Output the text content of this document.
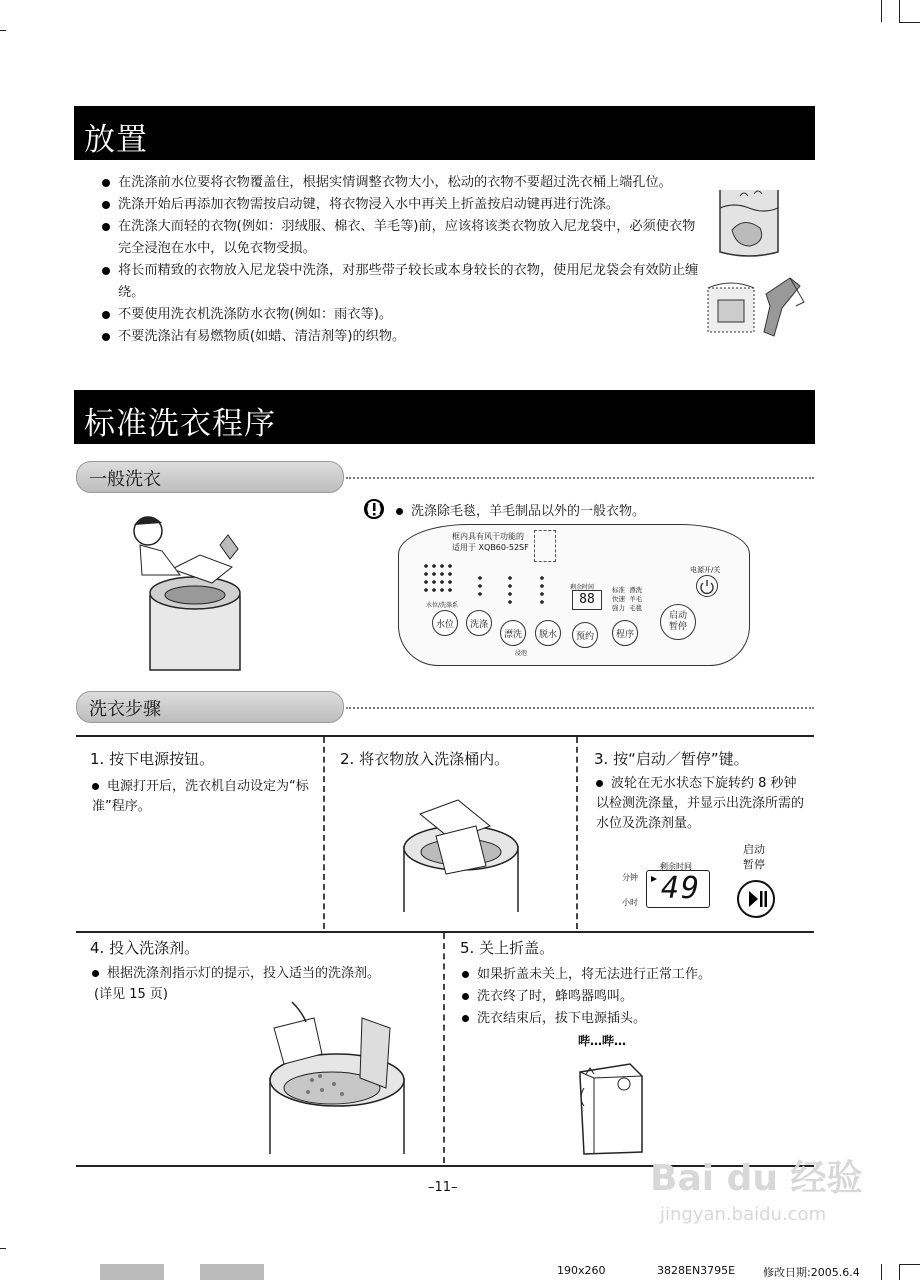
放置
在洗涤前水位要将衣物覆盖住，根据实情调整衣物大小，松动的衣物不要超过洗衣桶上端孔位。
洗涤开始后再添加衣物需按启动键，将衣物浸入水中再关上折盖按启动键再进行洗涤。
在洗涤大而轻的衣物(例如：羽绒服、棉衣、羊毛等)前，应该将该类衣物放入尼龙袋中，必须使衣物完全浸泡在水中，以免衣物受损。
将长而精致的衣物放入尼龙袋中洗涤，对那些带子较长或本身较长的衣物，使用尼龙袋会有效防止缠绕。
不要使用洗衣机洗涤防水衣物(例如：雨衣等)。
不要洗涤沾有易燃物质(如蜡、清洁剂等)的织物。
标准洗衣程序
一般洗衣
洗涤除毛毯，羊毛制品以外的一般衣物。
框内具有风干功能的
适用于 XQB60-52SF
电源开/关
水位/洗涤系
剩余时间
88
标准 漂洗
快速 羊毛
强力 毛毯
水位	洗涤
漂洗	脱水	预约	程序
启动
暂停
浸泡
洗衣步骤
1. 按下电源按钮。
电源打开后，洗衣机自动设定为“标准”程序。
2. 将衣物放入洗涤桶内。	3. 按“启动／暂停”键。
波轮在无水状态下旋转约 8 秒钟以检测洗涤量，并显示出洗涤所需的水位及洗涤剂量。
启动
暂停
剩余时间
分钟
小时 49
4. 投入洗涤剂。
根据洗涤剂指示灯的提示，投入适当的洗涤剂。
(详见 15 页)
5. 关上折盖。
如果折盖未关上，将无法进行正常工作。
洗衣终了时，蜂鸣器鸣叫。
洗衣结束后，拔下电源插头。
哔…哔…
–11–	Bai du 经验
jingyan.baidu.com
190x260	3828EN3795E	修改日期:2005.6.4
